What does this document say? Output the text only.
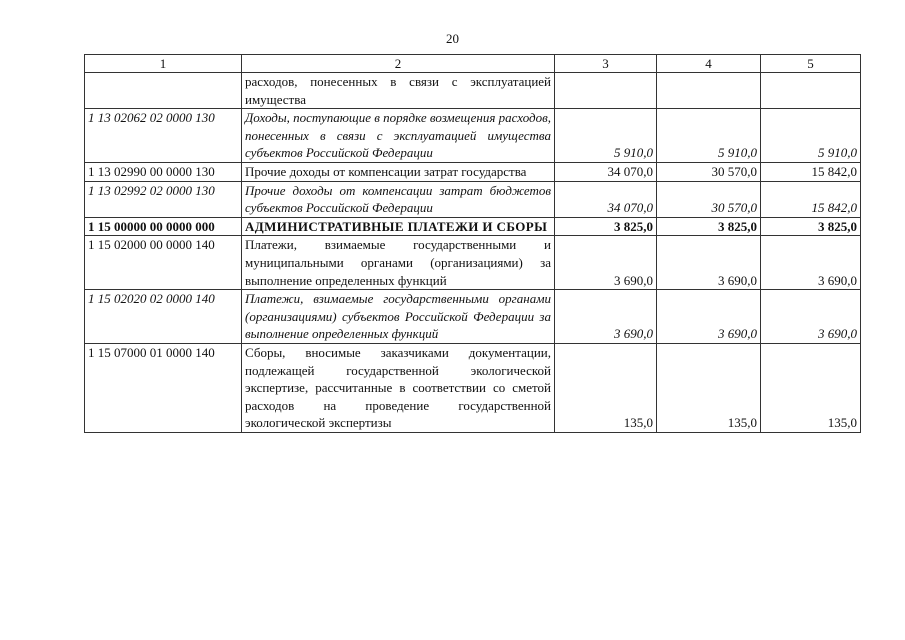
20
1	2	3	4	5
	расходов, понесенных в связи с эксплуатацией имущества			
1 13 02062 02 0000 130	Доходы, поступающие в порядке возмещения расходов, понесенных в связи с эксплуатацией имущества субъектов Российской Федерации	5 910,0	5 910,0	5 910,0
1 13 02990 00 0000 130	Прочие доходы от компенсации затрат государства	34 070,0	30 570,0	15 842,0
1 13 02992 02 0000 130	Прочие доходы от компенсации затрат бюджетов субъектов Российской Федерации	34 070,0	30 570,0	15 842,0
1 15 00000 00 0000 000	АДМИНИСТРАТИВНЫЕ ПЛАТЕЖИ И СБОРЫ	3 825,0	3 825,0	3 825,0
1 15 02000 00 0000 140	Платежи, взимаемые государственными и муниципальными органами (организациями) за выполнение определенных функций	3 690,0	3 690,0	3 690,0
1 15 02020 02 0000 140	Платежи, взимаемые государственными органами (организациями) субъектов Российской Федерации за выполнение определенных функций	3 690,0	3 690,0	3 690,0
1 15 07000 01 0000 140	Сборы, вносимые заказчиками документации, подлежащей государственной экологической экспертизе, рассчитанные в соответствии со сметой расходов на проведение государственной экологической экспертизы	135,0	135,0	135,0
